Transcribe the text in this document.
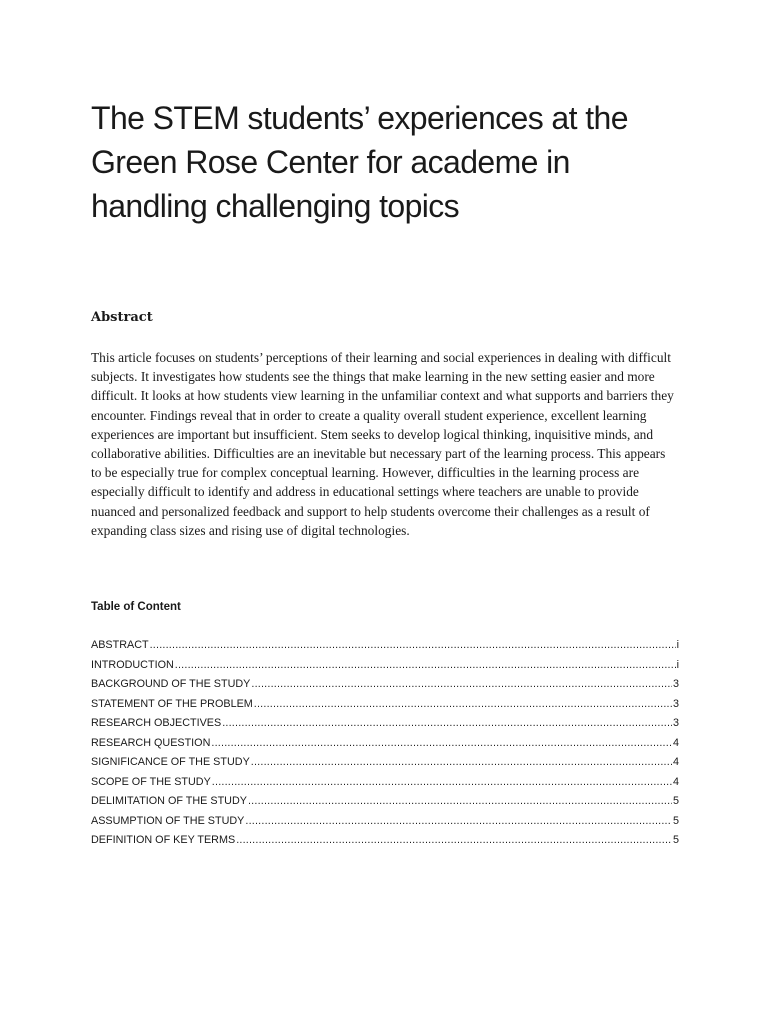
The STEM students’ experiences at the Green Rose Center for academe in handling challenging topics
Abstract

This article focuses on students’ perceptions of their learning and social experiences in dealing with difficult subjects. It investigates how students see the things that make learning in the new setting easier and more difficult. It looks at how students view learning in the unfamiliar context and what supports and barriers they encounter. Findings reveal that in order to create a quality overall student experience, excellent learning experiences are important but insufficient. Stem seeks to develop logical thinking, inquisitive minds, and collaborative abilities. Difficulties are an inevitable but necessary part of the learning process. This appears to be especially true for complex conceptual learning. However, difficulties in the learning process are especially difficult to identify and address in educational settings where teachers are unable to provide nuanced and personalized feedback and support to help students overcome their challenges as a result of expanding class sizes and rising use of digital technologies.

Table of Content
ABSTRACT .....	i
INTRODUCTION .....	i
BACKGROUND OF THE STUDY .....	3
STATEMENT OF THE PROBLEM .....	3
RESEARCH OBJECTIVES .....	3
RESEARCH QUESTION .....	4
SIGNIFICANCE OF THE STUDY .....	4
SCOPE OF THE STUDY .....	4
DELIMITATION OF THE STUDY .....	5
ASSUMPTION OF THE STUDY .....	5
DEFINITION OF KEY TERMS .....	5
